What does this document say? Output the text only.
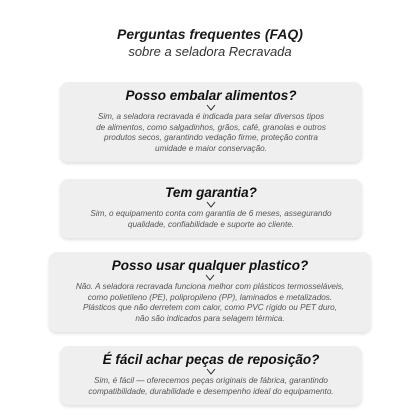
Perguntas frequentes (FAQ)
sobre a seladora Recravada
Posso embalar alimentos?
Sim, a seladora recravada é indicada para selar diversos tipos
de alimentos, como salgadinhos, grãos, café, granolas e outros
produtos secos, garantindo vedação firme, proteção contra
umidade e maior conservação.
Tem garantia?
Sim, o equipamento conta com garantia de 6 meses, assegurando
qualidade, confiabilidade e suporte ao cliente.
Posso usar qualquer plastico?
Não. A seladora recravada funciona melhor com plásticos termosseláveis,
como polietileno (PE), polipropileno (PP), laminados e metalizados.
Plásticos que não derretem com calor, como PVC rígido ou PET duro,
não são indicados para selagem térmica.
É fácil achar peças de reposição?
Sim, é fácil — oferecemos peças originais de fábrica, garantindo
compatibilidade, durabilidade e desempenho ideal do equipamento.
